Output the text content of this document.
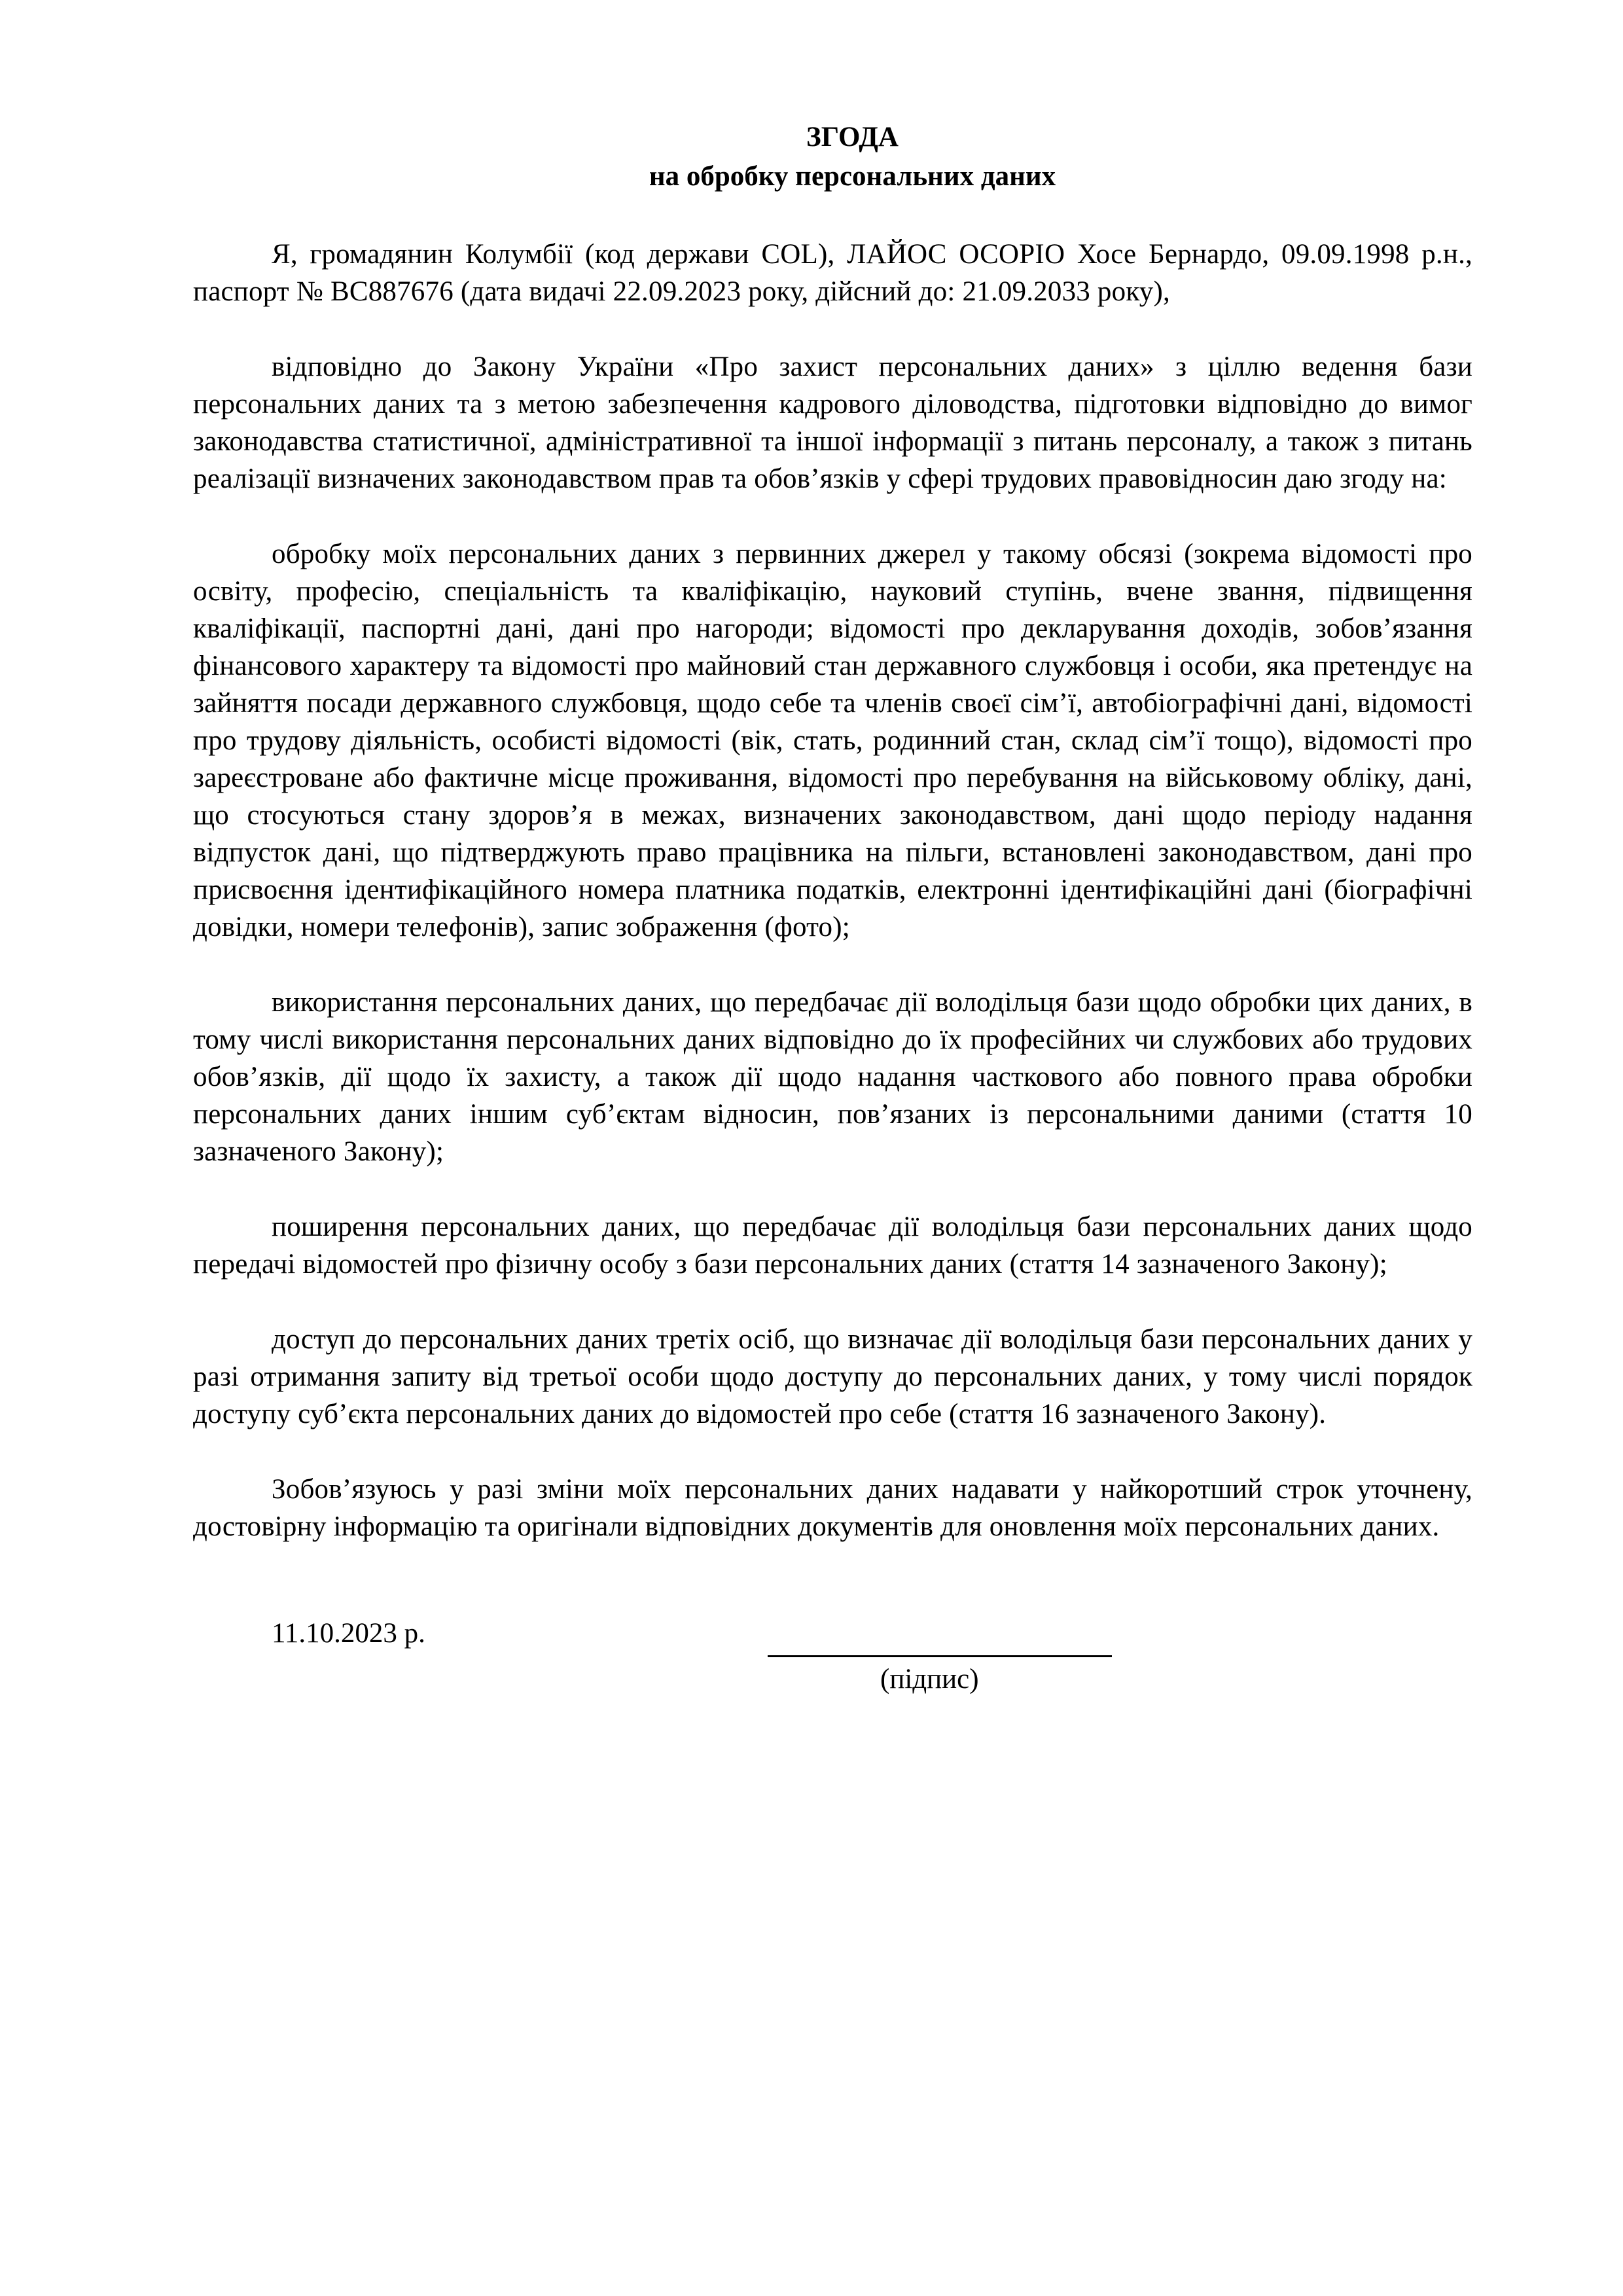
ЗГОДА
на обробку персональних даних

Я, громадянин Колумбії (код держави COL), ЛАЙОС ОСОРІО Хосе Бернардо, 09.09.1998 р.н., паспорт № BC887676 (дата видачі 22.09.2023 року, дійсний до: 21.09.2033 року),

відповідно до Закону України «Про захист персональних даних» з ціллю ведення бази персональних даних та з метою забезпечення кадрового діловодства, підготовки відповідно до вимог законодавства статистичної, адміністративної та іншої інформації з питань персоналу, а також з питань реалізації визначених законодавством прав та обов’язків у сфері трудових правовідносин даю згоду на:

обробку моїх персональних даних з первинних джерел у такому обсязі (зокрема відомості про освіту, професію, спеціальність та кваліфікацію, науковий ступінь, вчене звання, підвищення кваліфікації, паспортні дані, дані про нагороди; відомості про декларування доходів, зобов’язання фінансового характеру та відомості про майновий стан державного службовця і особи, яка претендує на зайняття посади державного службовця, щодо себе та членів своєї сім’ї, автобіографічні дані, відомості про трудову діяльність, особисті відомості (вік, стать, родинний стан, склад сім’ї тощо), відомості про зареєстроване або фактичне місце проживання, відомості про перебування на військовому обліку, дані, що стосуються стану здоров’я в межах, визначених законодавством, дані щодо періоду надання відпусток дані, що підтверджують право працівника на пільги, встановлені законодавством, дані про присвоєння ідентифікаційного номера платника податків, електронні ідентифікаційні дані (біографічні довідки, номери телефонів), запис зображення (фото);

використання персональних даних, що передбачає дії володільця бази щодо обробки цих даних, в тому числі використання персональних даних відповідно до їх професійних чи службових або трудових обов’язків, дії щодо їх захисту, а також дії щодо надання часткового або повного права обробки персональних даних іншим суб’єктам відносин, пов’язаних із персональними даними (стаття 10 зазначеного Закону);

поширення персональних даних, що передбачає дії володільця бази персональних даних щодо передачі відомостей про фізичну особу з бази персональних даних (стаття 14 зазначеного Закону);

доступ до персональних даних третіх осіб, що визначає дії володільця бази персональних даних у разі отримання запиту від третьої особи щодо доступу до персональних даних, у тому числі порядок доступу суб’єкта персональних даних до відомостей про себе (стаття 16 зазначеного Закону).

Зобов’язуюсь у разі зміни моїх персональних даних надавати у найкоротший строк уточнену, достовірну інформацію та оригінали відповідних документів для оновлення моїх персональних даних.

11.10.2023 р.
(підпис)
